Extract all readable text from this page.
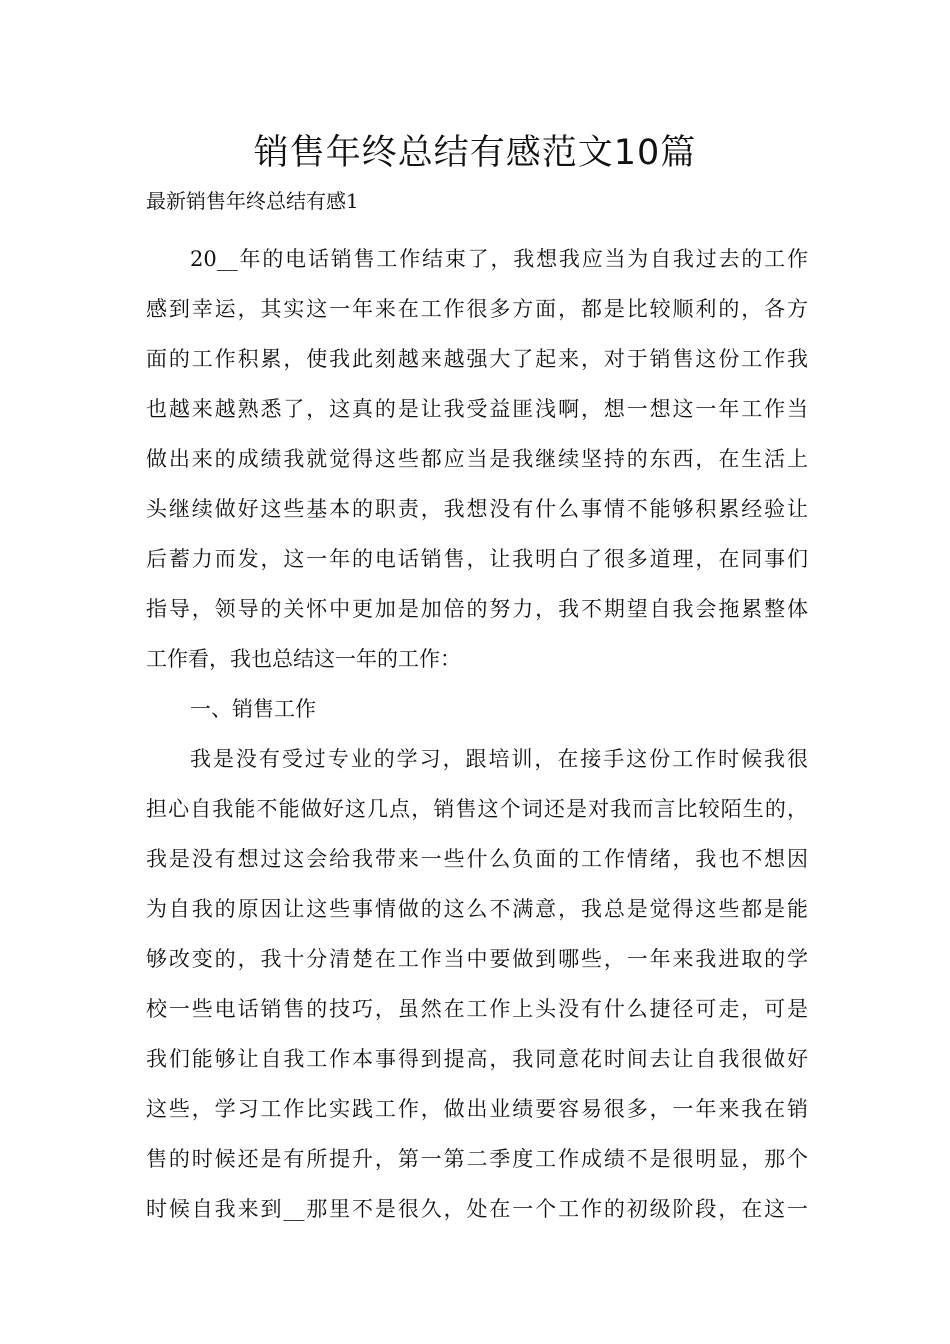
销售年终总结有感范文10篇

最新销售年终总结有感1

20__年的电话销售工作结束了，我想我应当为自我过去的工作
感到幸运，其实这一年来在工作很多方面，都是比较顺利的，各方
面的工作积累，使我此刻越来越强大了起来，对于销售这份工作我
也越来越熟悉了，这真的是让我受益匪浅啊，想一想这一年工作当
做出来的成绩我就觉得这些都应当是我继续坚持的东西，在生活上
头继续做好这些基本的职责，我想没有什么事情不能够积累经验让
后蓄力而发，这一年的电话销售，让我明白了很多道理，在同事们
指导，领导的关怀中更加是加倍的努力，我不期望自我会拖累整体
工作看，我也总结这一年的工作：
一、销售工作
我是没有受过专业的学习，跟培训，在接手这份工作时候我很
担心自我能不能做好这几点，销售这个词还是对我而言比较陌生的，
我是没有想过这会给我带来一些什么负面的工作情绪，我也不想因
为自我的原因让这些事情做的这么不满意，我总是觉得这些都是能
够改变的，我十分清楚在工作当中要做到哪些，一年来我进取的学
校一些电话销售的技巧，虽然在工作上头没有什么捷径可走，可是
我们能够让自我工作本事得到提高，我同意花时间去让自我很做好
这些，学习工作比实践工作，做出业绩要容易很多，一年来我在销
售的时候还是有所提升，第一第二季度工作成绩不是很明显，那个
时候自我来到__那里不是很久，处在一个工作的初级阶段，在这一
